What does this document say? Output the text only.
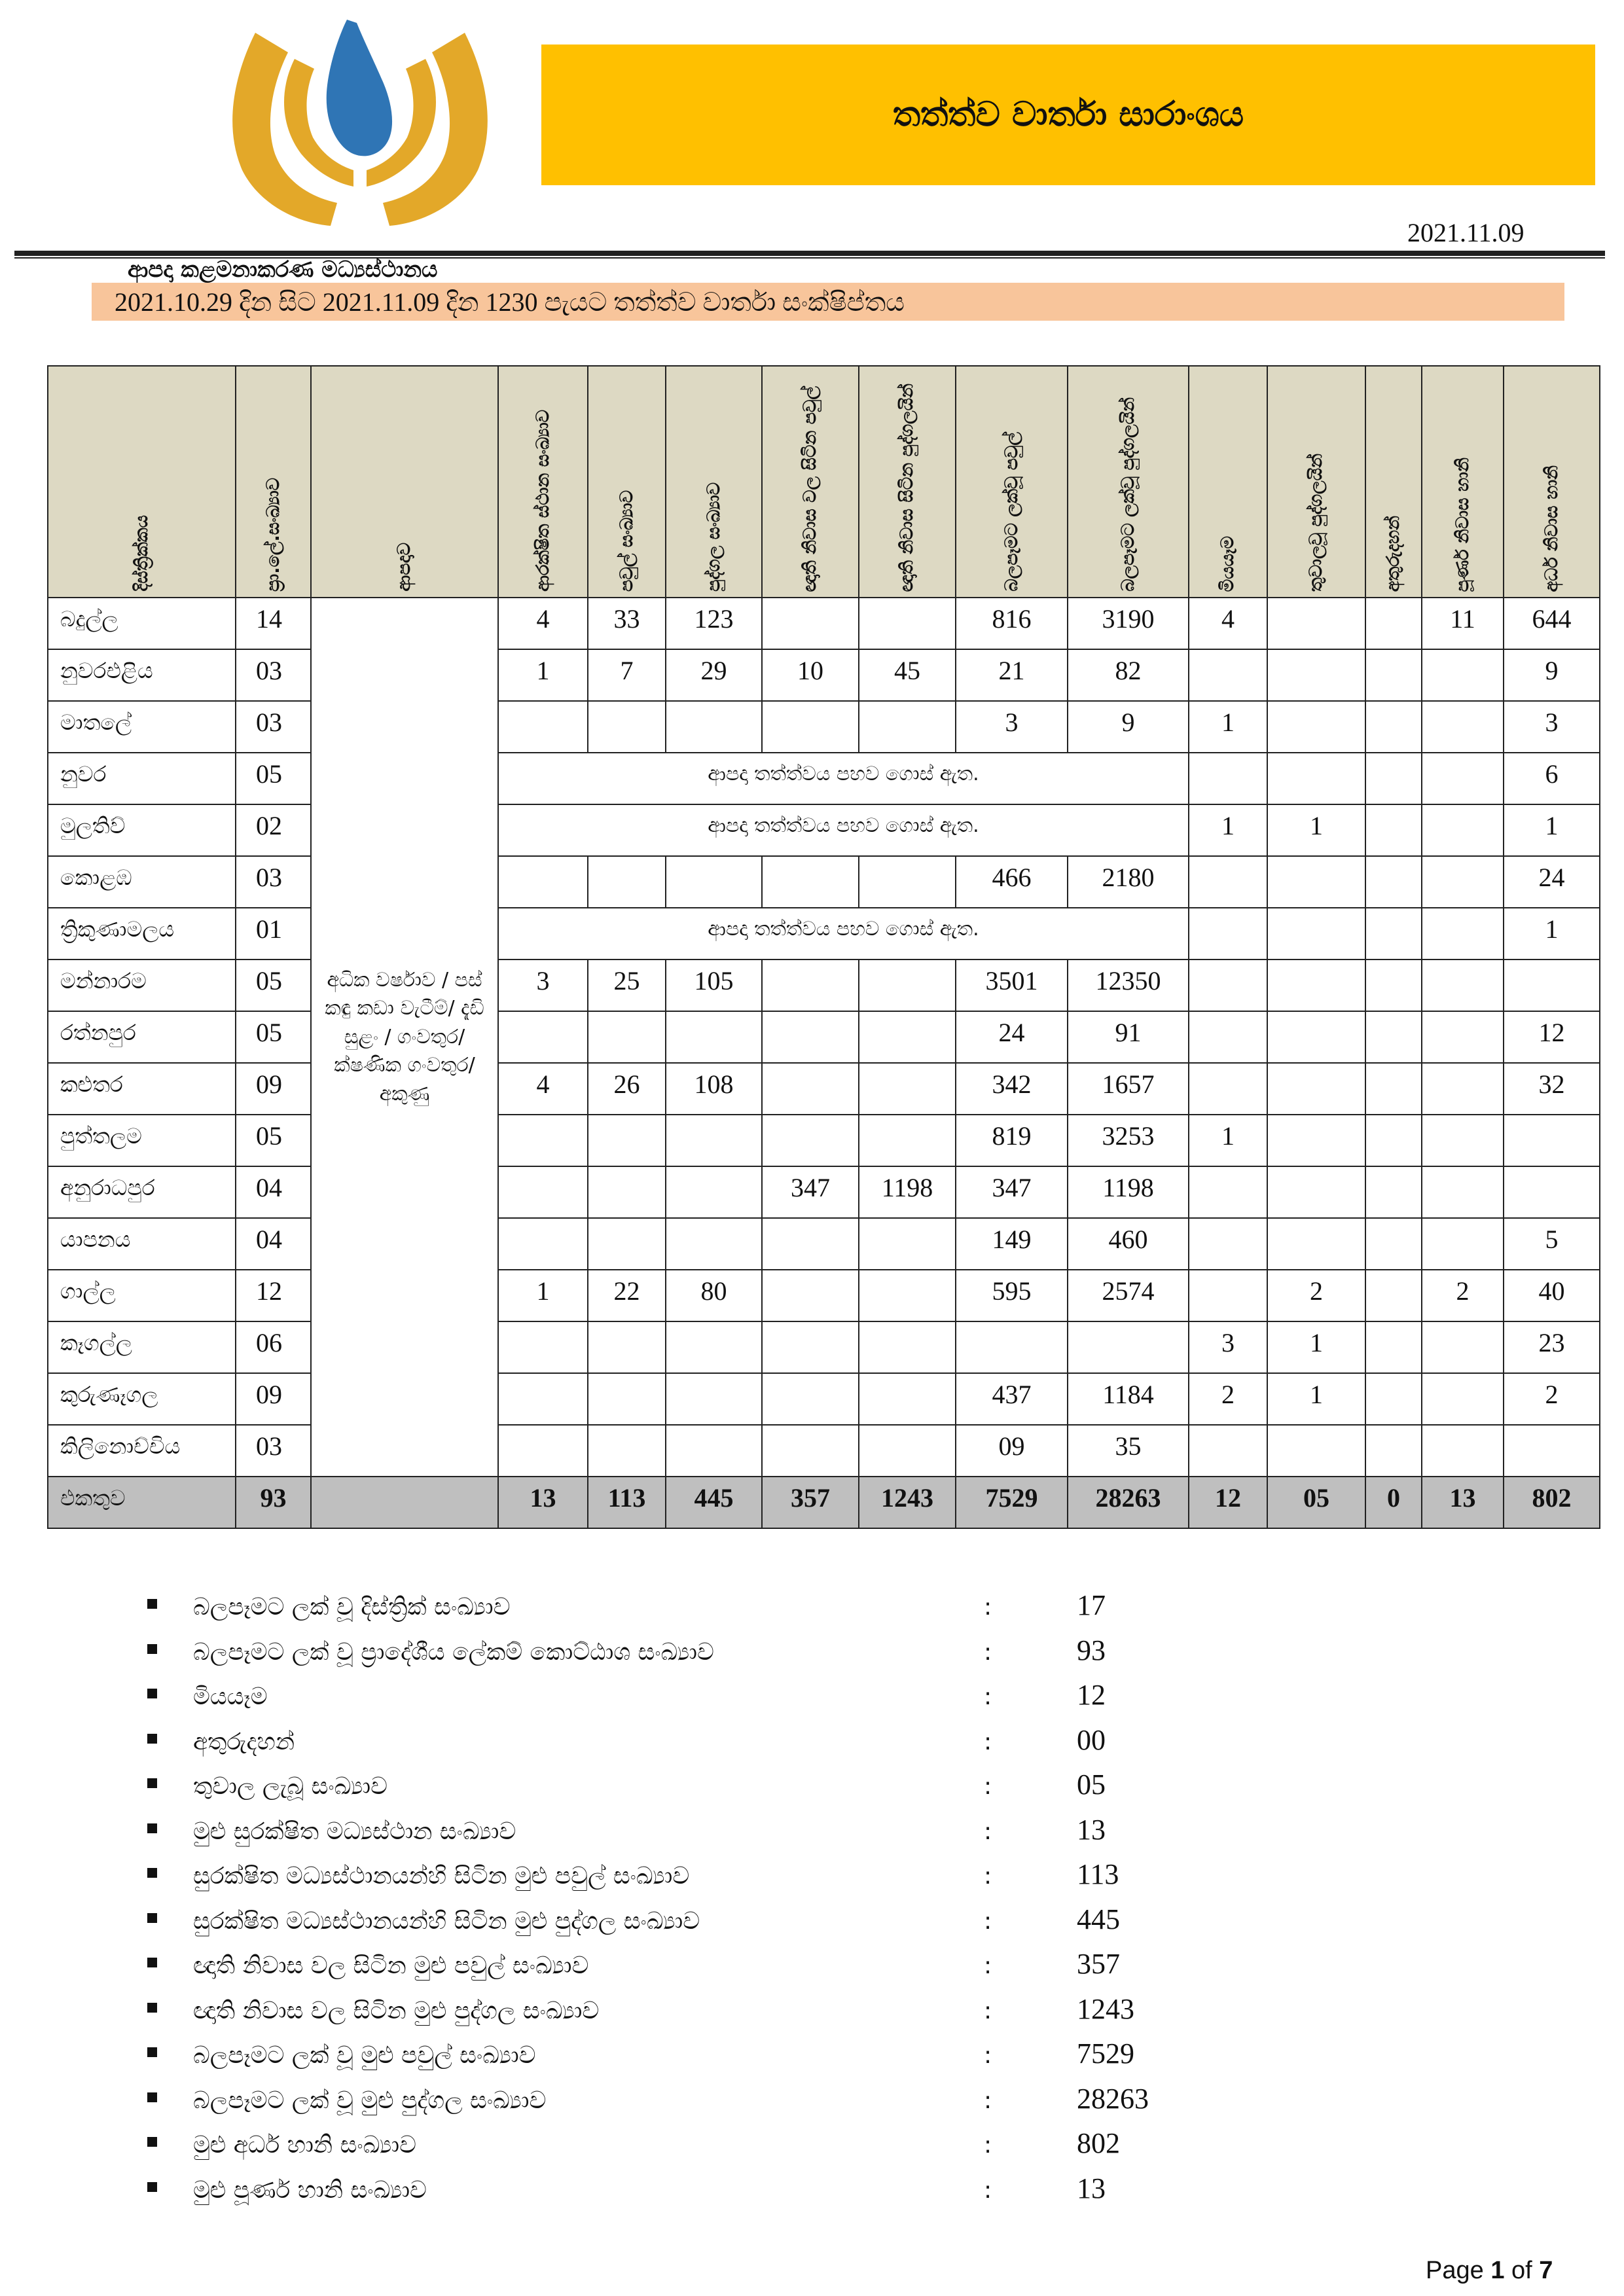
තත්ත්ව වාර්තා සාරාංශය
2021.11.09
ආපදා කළමනාකරණ මධ්‍යස්ථානය
2021.10.29 දින සිට 2021.11.09 දින 1230 පැයට තත්ත්ව වාර්තා සංක්ෂිප්තය
දිස්ත්‍රික්කය	ප්‍රා.ලේ.සංඛ්‍යාව	ආපදාව	ආරක්ෂිත ස්ථාන සංඛ්‍යාව	පවුල් සංඛ්‍යාව	පුද්ගල සංඛ්‍යාව	ඥාති නිවාස වල සිටින පවුල්	ඥාති නිවාස සිටින පුද්ගලයින්	බලපෑමට ලක්වූ පවුල්	බලපෑමට ලක්වූ පුද්ගලයින්	මියයෑම	තුවාලවූ පුද්ගලයින්	අතුරුදහන්	පූර්ණ නිවාස හානි	අර්ධ නිවාස හානි

බදුල්ල	14	අධික වර්ෂාව / පස් කඳු කඩා වැටීම්/ දැඩි සුළං / ගංවතුර/ ක්ෂණික ගංවතුර/ අකුණු	4	33	123			816	3190	4			11	644
නුවරඑළිය	03		1	7	29	10	45	21	82					9
මාතලේ	03							3	9	1				3
නුවර	05		ආපදා තත්ත්වය පහව ගොස් ඇත.											6
මුලතිව්	02		ආපදා තත්ත්වය පහව ගොස් ඇත.							1	1			1
කොළඹ	03							466	2180					24
ත්‍රිකුණාමලය	01		ආපදා තත්ත්වය පහව ගොස් ඇත.											1
මන්නාරම	05		3	25	105			3501	12350					
රත්නපුර	05							24	91					12
කළුතර	09		4	26	108			342	1657					32
පුත්තලම	05							819	3253	1				
අනුරාධපුර	04					347	1198	347	1198					
යාපනය	04							149	460					5
ගාල්ල	12		1	22	80			595	2574		2		2	40
කෑගල්ල	06									3	1			23
කුරුණෑගල	09							437	1184	2	1			2
කිලිනොච්චිය	03							09	35					
එකතුව	93		13	113	445	357	1243	7529	28263	12	05	0	13	802
බලපෑමට ලක් වූ දිස්ත්‍රික් සංඛ්‍යාව	:	17
බලපෑමට ලක් වූ ප්‍රාදේශීය ලේකම් කොට්ඨාශ සංඛ්‍යාව	:	93
මියයෑම	:	12
අතුරුදහන්	:	00
තුවාල ලැබූ සංඛ්‍යාව	:	05
මුළු සුරක්ෂිත මධ්‍යස්ථාන සංඛ්‍යාව	:	13
සුරක්ෂිත මධ්‍යස්ථානයන්හි සිටින මුළු පවුල් සංඛ්‍යාව	:	113
සුරක්ෂිත මධ්‍යස්ථානයන්හි සිටින මුළු පුද්ගල සංඛ්‍යාව	:	445
ඥාති නිවාස වල සිටින මුළු පවුල් සංඛ්‍යාව	:	357
ඥාති නිවාස වල සිටින මුළු පුද්ගල සංඛ්‍යාව	:	1243
බලපෑමට ලක් වූ මුළු පවුල් සංඛ්‍යාව	:	7529
බලපෑමට ලක් වූ මුළු පුද්ගල සංඛ්‍යාව	:	28263
මුළු අර්ධ හානි සංඛ්‍යාව	:	802
මුළු පූර්ණ හානි සංඛ්‍යාව	:	13
Page 1 of 7
